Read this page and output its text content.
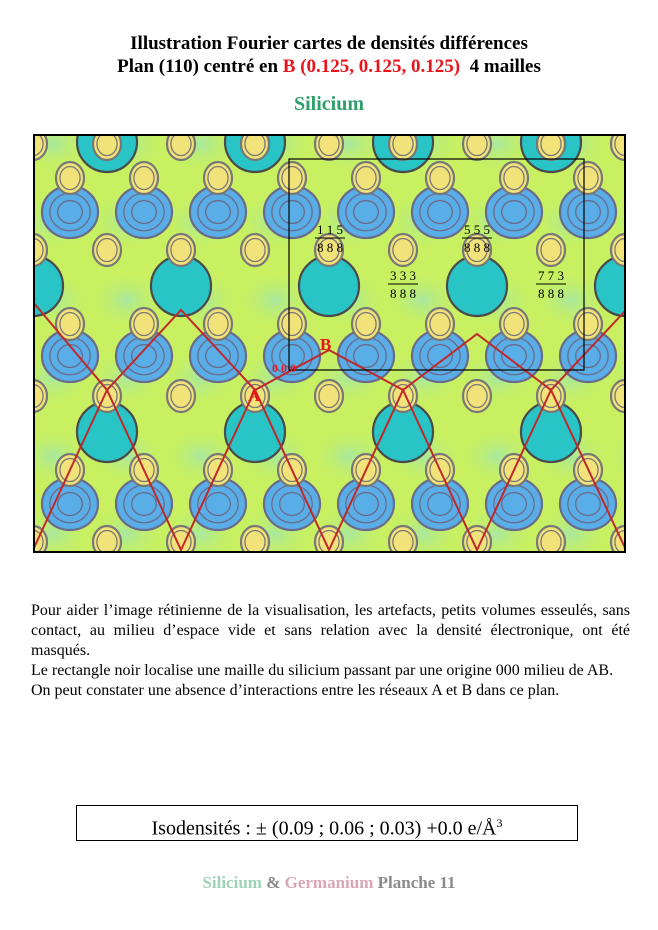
Illustration Fourier cartes de densités différences
Plan (110) centré en B (0.125, 0.125, 0.125)  4 mailles
Silicium
1 1 5
8 8 8
5 5 5
8 8 8
3 3 3
8 8 8
7 7 3
8 8 8
0 0 0
B
A

Pour aider l’image rétinienne de la visualisation, les artefacts, petits volumes esseulés, sans contact, au milieu d’espace vide et sans relation avec la densité électronique, ont été masqués.

Le rectangle noir localise une maille du silicium passant par une origine 000 milieu de AB.

On peut constater une absence d’interactions entre les réseaux A et B dans ce plan.

Isodensités : ± (0.09 ; 0.06 ; 0.03) +0.0 $e/Å^3$
Silicium & Germanium Planche 11
